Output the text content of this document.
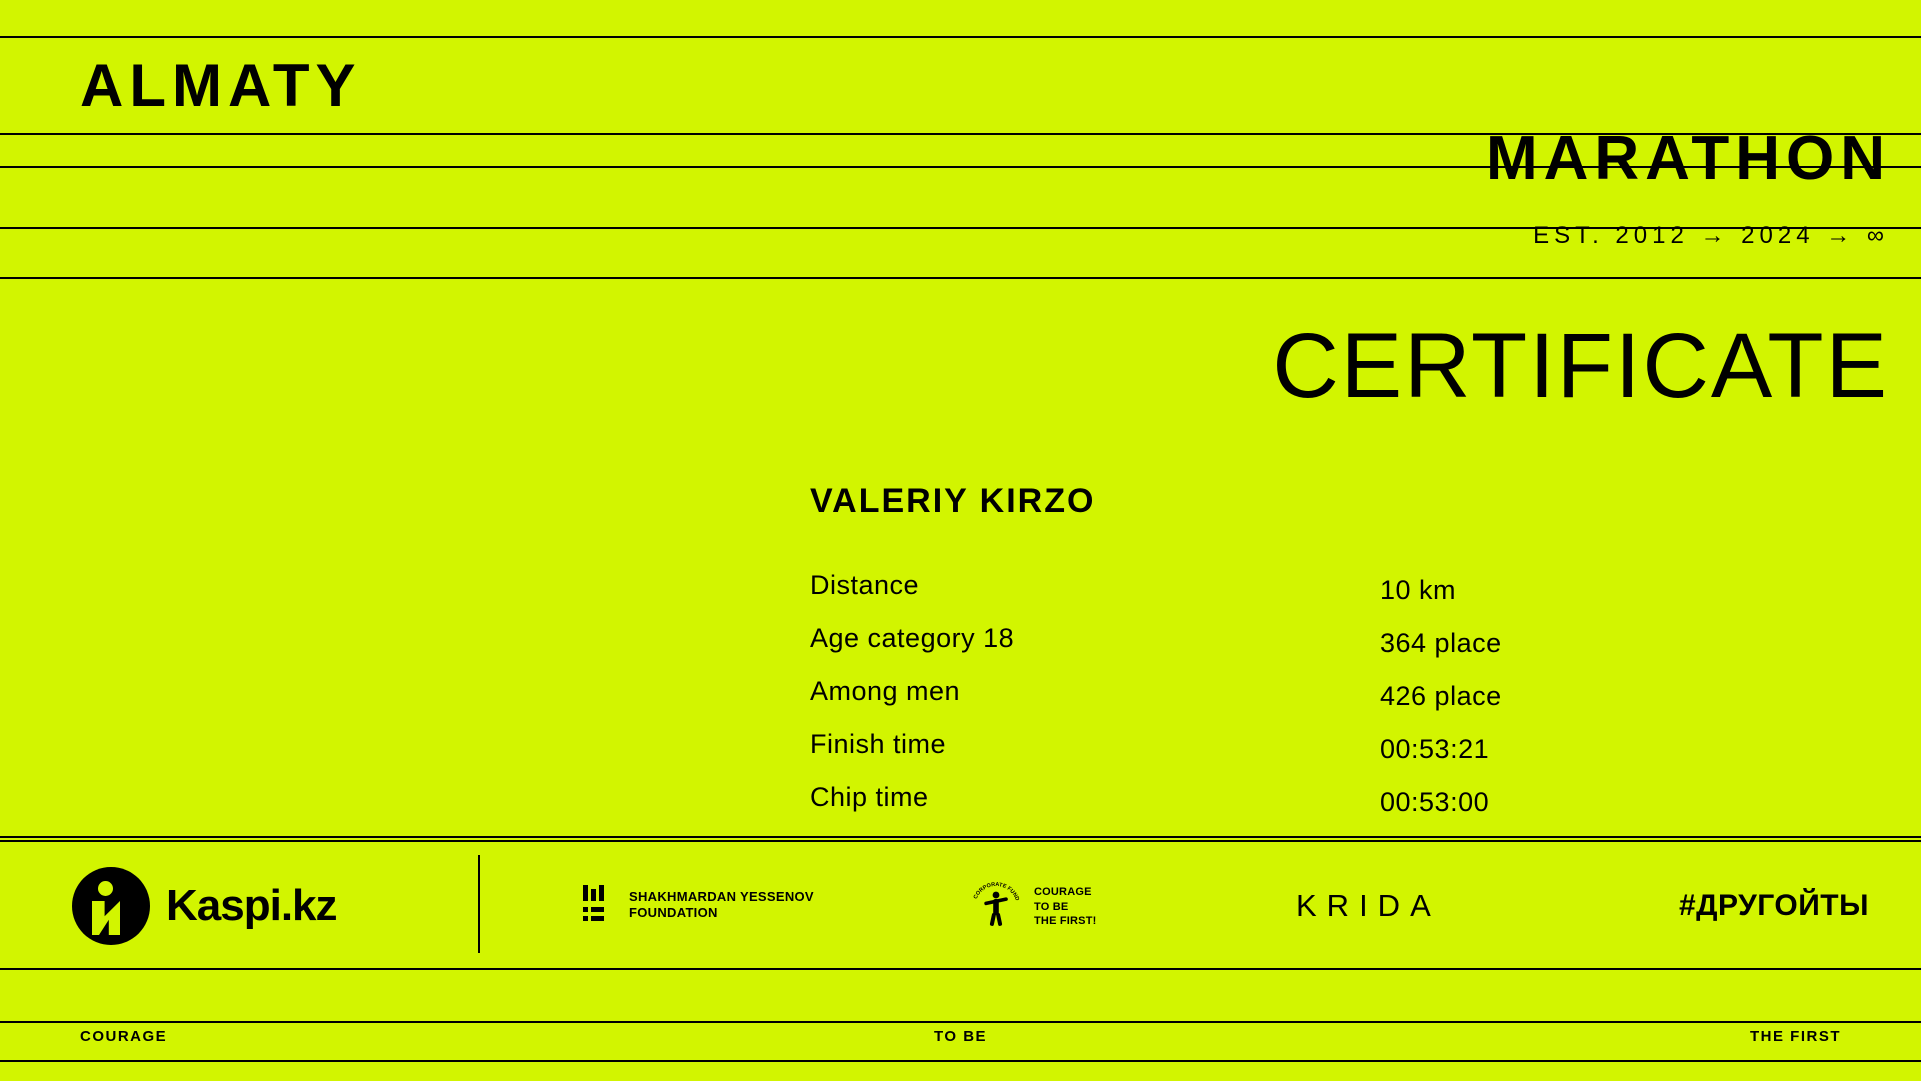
ALMATY
MARATHON
EST. 2012 → 2024 → ∞
CERTIFICATE
VALERIY KIRZO
Distance	10 km
Age category 18	364 place
Among men	426 place
Finish time	00:53:21
Chip time	00:53:00
Kaspi.kz	SHAKHMARDAN YESSENOV
FOUNDATION
CORPORATE FUND
COURAGE
TO BE
THE FIRST!	KRIDA	#ДРУГОЙТЫ
COURAGE	TO BE	THE FIRST
